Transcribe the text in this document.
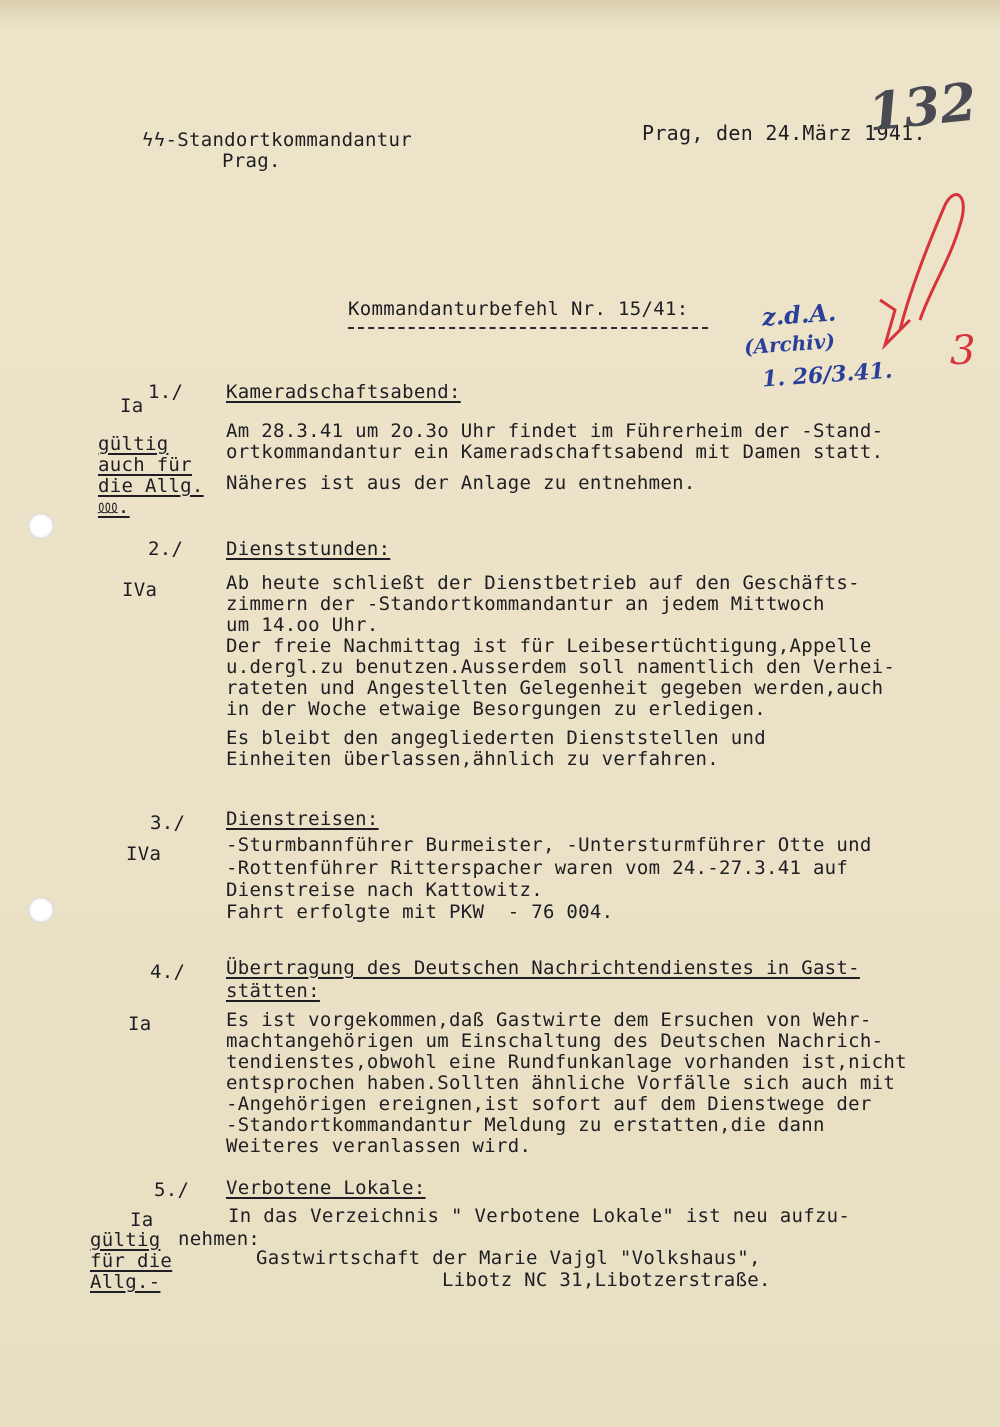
ϟϟ-Standortkommandantur
Prag.
Prag, den 24.März 1941.
132
Kommandanturbefehl Nr. 15/41:	z.d.A.
(Archiv)
1. 26/3.41.
3
1./
Ia
Kameradschaftsabend:
gültig
auch für
die Allg.
⅏.
Am 28.3.41 um 2o.3o Uhr findet im Führerheim der -Stand-
ortkommandantur ein Kameradschaftsabend mit Damen statt.
Näheres ist aus der Anlage zu entnehmen.
2./ Dienststunden:
IVa	Ab heute schließt der Dienstbetrieb auf den Geschäfts-
zimmern der -Standortkommandantur an jedem Mittwoch
um 14.oo Uhr.
Der freie Nachmittag ist für Leibesertüchtigung,Appelle
u.dergl.zu benutzen.Ausserdem soll namentlich den Verhei-
rateten und Angestellten Gelegenheit gegeben werden,auch
in der Woche etwaige Besorgungen zu erledigen.
Es bleibt den angegliederten Dienststellen und
Einheiten überlassen,ähnlich zu verfahren.
3./ Dienstreisen:
IVa	-Sturmbannführer Burmeister, -Untersturmführer Otte und
-Rottenführer Ritterspacher waren vom 24.-27.3.41 auf
Dienstreise nach Kattowitz.
Fahrt erfolgte mit PKW  - 76 004.
4./ Übertragung des Deutschen Nachrichtendienstes in Gast-
stätten:
Ia	Es ist vorgekommen,daß Gastwirte dem Ersuchen von Wehr-
machtangehörigen um Einschaltung des Deutschen Nachrich-
tendienstes,obwohl eine Rundfunkanlage vorhanden ist,nicht
entsprochen haben.Sollten ähnliche Vorfälle sich auch mit
-Angehörigen ereignen,ist sofort auf dem Dienstwege der
-Standortkommandantur Meldung zu erstatten,die dann
Weiteres veranlassen wird.
5./ Verbotene Lokale:
Ia
gültig
für die
Allg.-
In das Verzeichnis " Verbotene Lokale" ist neu aufzu-
nehmen:
Gastwirtschaft der Marie Vajgl "Volkshaus",
Libotz NC 31,Libotzerstraße.
